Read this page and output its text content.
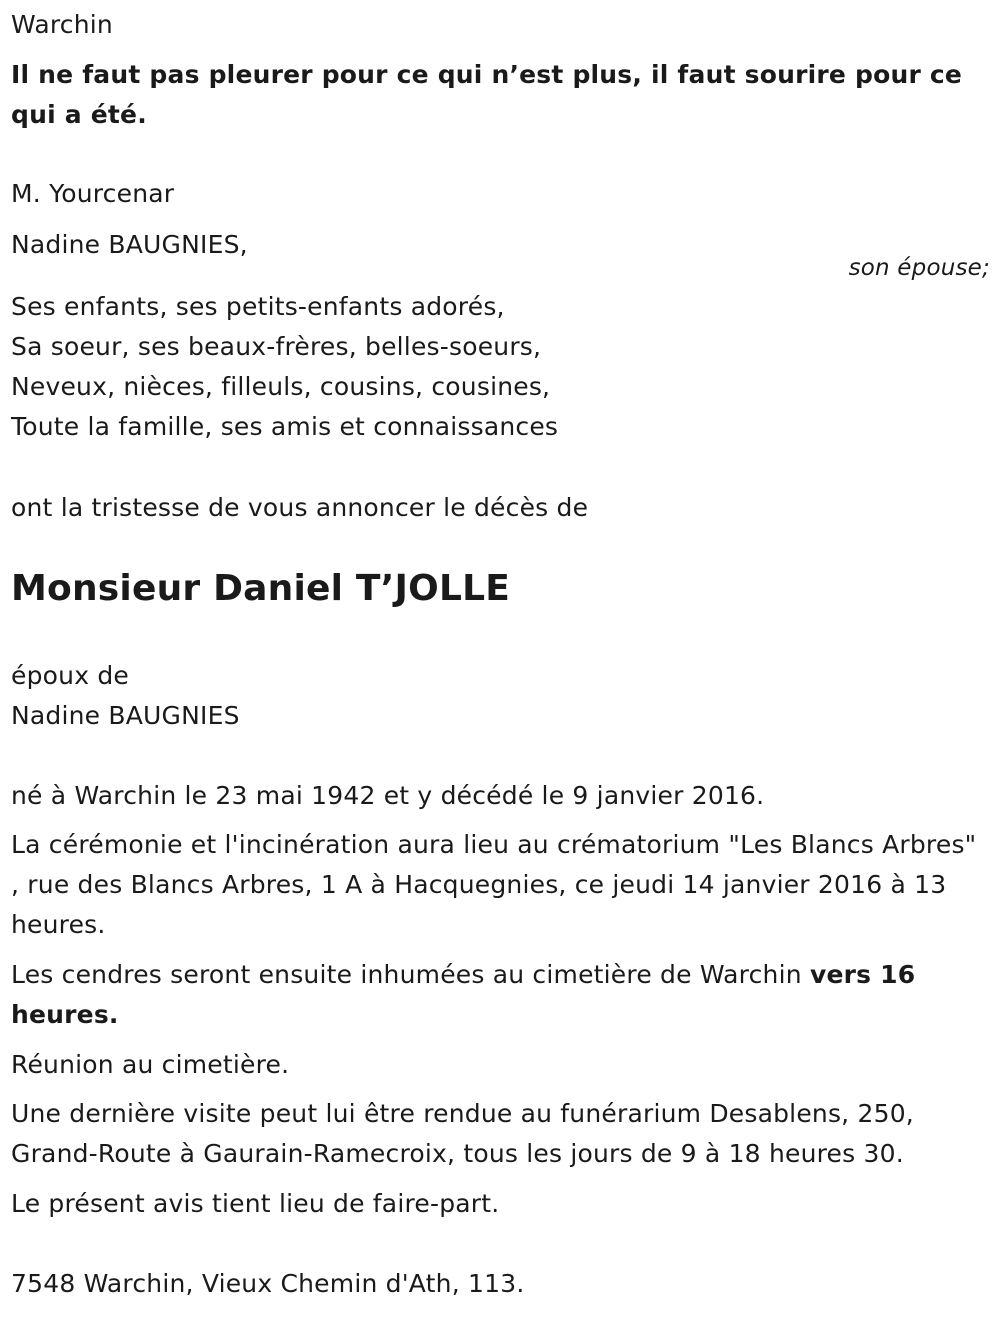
Warchin
Il ne faut pas pleurer pour ce qui n’est plus, il faut sourire pour ce qui a été.
M. Yourcenar
Nadine BAUGNIES,
son épouse;
Ses enfants, ses petits-enfants adorés,
Sa soeur, ses beaux-frères, belles-soeurs,
Neveux, nièces, filleuls, cousins, cousines,
Toute la famille, ses amis et connaissances
ont la tristesse de vous annoncer le décès de
Monsieur Daniel T’JOLLE
époux de
Nadine BAUGNIES
né à Warchin le 23 mai 1942 et y décédé le 9 janvier 2016.
La cérémonie et l'incinération aura lieu au crématorium "Les Blancs Arbres" , rue des Blancs Arbres, 1 A à Hacquegnies, ce jeudi 14 janvier 2016 à 13 heures.
Les cendres seront ensuite inhumées au cimetière de Warchin vers 16 heures.
Réunion au cimetière.
Une dernière visite peut lui être rendue au funérarium Desablens, 250, Grand-Route à Gaurain-Ramecroix, tous les jours de 9 à 18 heures 30.
Le présent avis tient lieu de faire-part.
7548 Warchin, Vieux Chemin d'Ath, 113.
